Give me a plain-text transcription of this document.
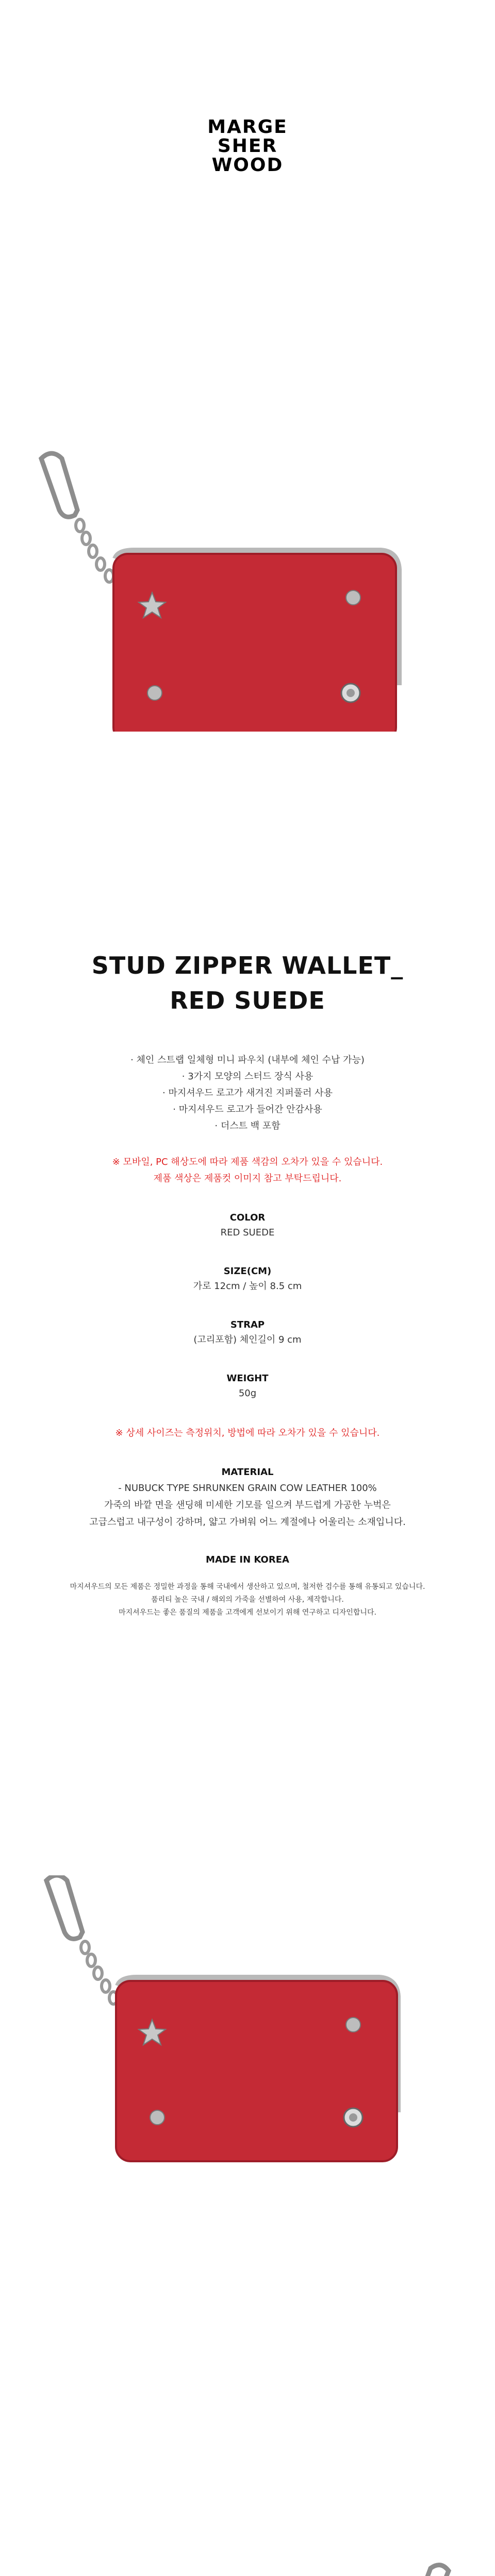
MARGE
SHER
WOOD
STUD ZIPPER WALLET_
RED SUEDE
· 체인 스트랩 일체형 미니 파우치 (내부에 체인 수납 가능)
· 3가지 모양의 스터드 장식 사용
· 마지셔우드 로고가 새겨진 지퍼풀러 사용
· 마지셔우드 로고가 들어간 안감사용
· 더스트 백 포함
※ 모바일, PC 해상도에 따라 제품 색감의 오차가 있을 수 있습니다.
제품 색상은 제품컷 이미지 참고 부탁드립니다.
COLOR
RED SUEDE
SIZE(CM)
가로 12cm / 높이 8.5 cm
STRAP
(고리포함) 체인길이 9 cm
WEIGHT
50g
※ 상세 사이즈는 측정위치, 방법에 따라 오차가 있을 수 있습니다.
MATERIAL
- NUBUCK TYPE SHRUNKEN GRAIN COW LEATHER 100%
가죽의 바깥 면을 샌딩해 미세한 기모를 일으켜 부드럽게 가공한 누벅은
고급스럽고 내구성이 강하며, 얇고 가벼워 어느 계절에나 어울리는 소재입니다.
MADE IN KOREA
마지셔우드의 모든 제품은 정밀한 과정을 통해 국내에서 생산하고 있으며, 철저한 검수를 통해 유통되고 있습니다.
품리티 높은 국내 / 해외의 가죽을 선별하여 사용, 제작합니다.
마지셔우드는 좋은 품질의 제품을 고객에게 선보이기 위해 연구하고 디자인합니다.
